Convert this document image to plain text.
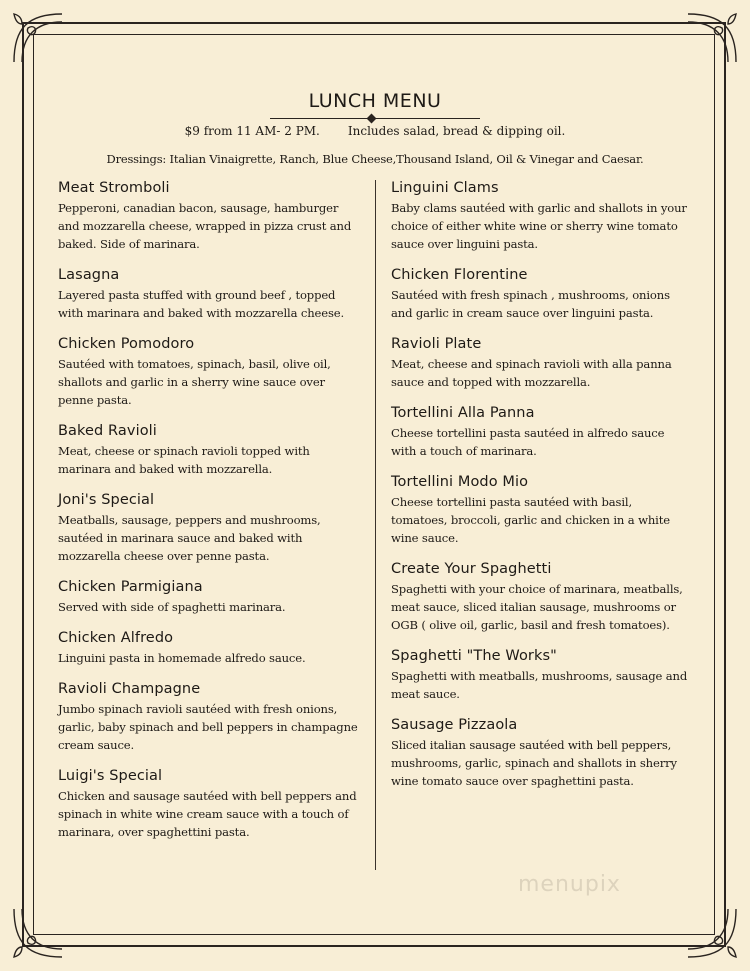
LUNCH MENU
$9 from 11 AM- 2 PM. Includes salad, bread & dipping oil.
Dressings: Italian Vinaigrette, Ranch, Blue Cheese,Thousand Island, Oil & Vinegar and Caesar.
Meat Stromboli
Pepperoni, canadian bacon, sausage, hamburger and mozzarella cheese, wrapped in pizza crust and baked. Side of marinara.
Lasagna
Layered pasta stuffed with ground beef , topped with marinara and baked with mozzarella cheese.
Chicken Pomodoro
Sautéed with tomatoes, spinach, basil, olive oil, shallots and garlic in a sherry wine sauce over penne pasta.
Baked Ravioli
Meat, cheese or spinach ravioli topped with marinara and baked with mozzarella.
Joni's Special
Meatballs, sausage, peppers and mushrooms, sautéed in marinara sauce and baked with mozzarella cheese over penne pasta.
Chicken Parmigiana
Served with side of spaghetti marinara.
Chicken Alfredo
Linguini pasta in homemade alfredo sauce.
Ravioli Champagne
Jumbo spinach ravioli sautéed with fresh onions, garlic, baby spinach and bell peppers in champagne cream sauce.
Luigi's Special
Chicken and sausage sautéed with bell peppers and spinach in white wine cream sauce with a touch of marinara, over spaghettini pasta.
Linguini Clams
Baby clams sautéed with garlic and shallots in your choice of either white wine or sherry wine tomato sauce over linguini pasta.
Chicken Florentine
Sautéed with fresh spinach , mushrooms, onions and garlic in cream sauce over linguini pasta.
Ravioli Plate
Meat, cheese and spinach ravioli with alla panna sauce and topped with mozzarella.
Tortellini Alla Panna
Cheese tortellini pasta sautéed in alfredo sauce with a touch of marinara.
Tortellini Modo Mio
Cheese tortellini pasta sautéed with basil, tomatoes, broccoli, garlic and chicken in a white wine sauce.
Create Your Spaghetti
Spaghetti with your choice of marinara, meatballs, meat sauce, sliced italian sausage, mushrooms or OGB ( olive oil, garlic, basil and fresh tomatoes).
Spaghetti "The Works"
Spaghetti with meatballs, mushrooms, sausage and meat sauce.
Sausage Pizzaola
Sliced italian sausage sautéed with bell peppers, mushrooms, garlic, spinach and shallots in sherry wine tomato sauce over spaghettini pasta.
menupix
